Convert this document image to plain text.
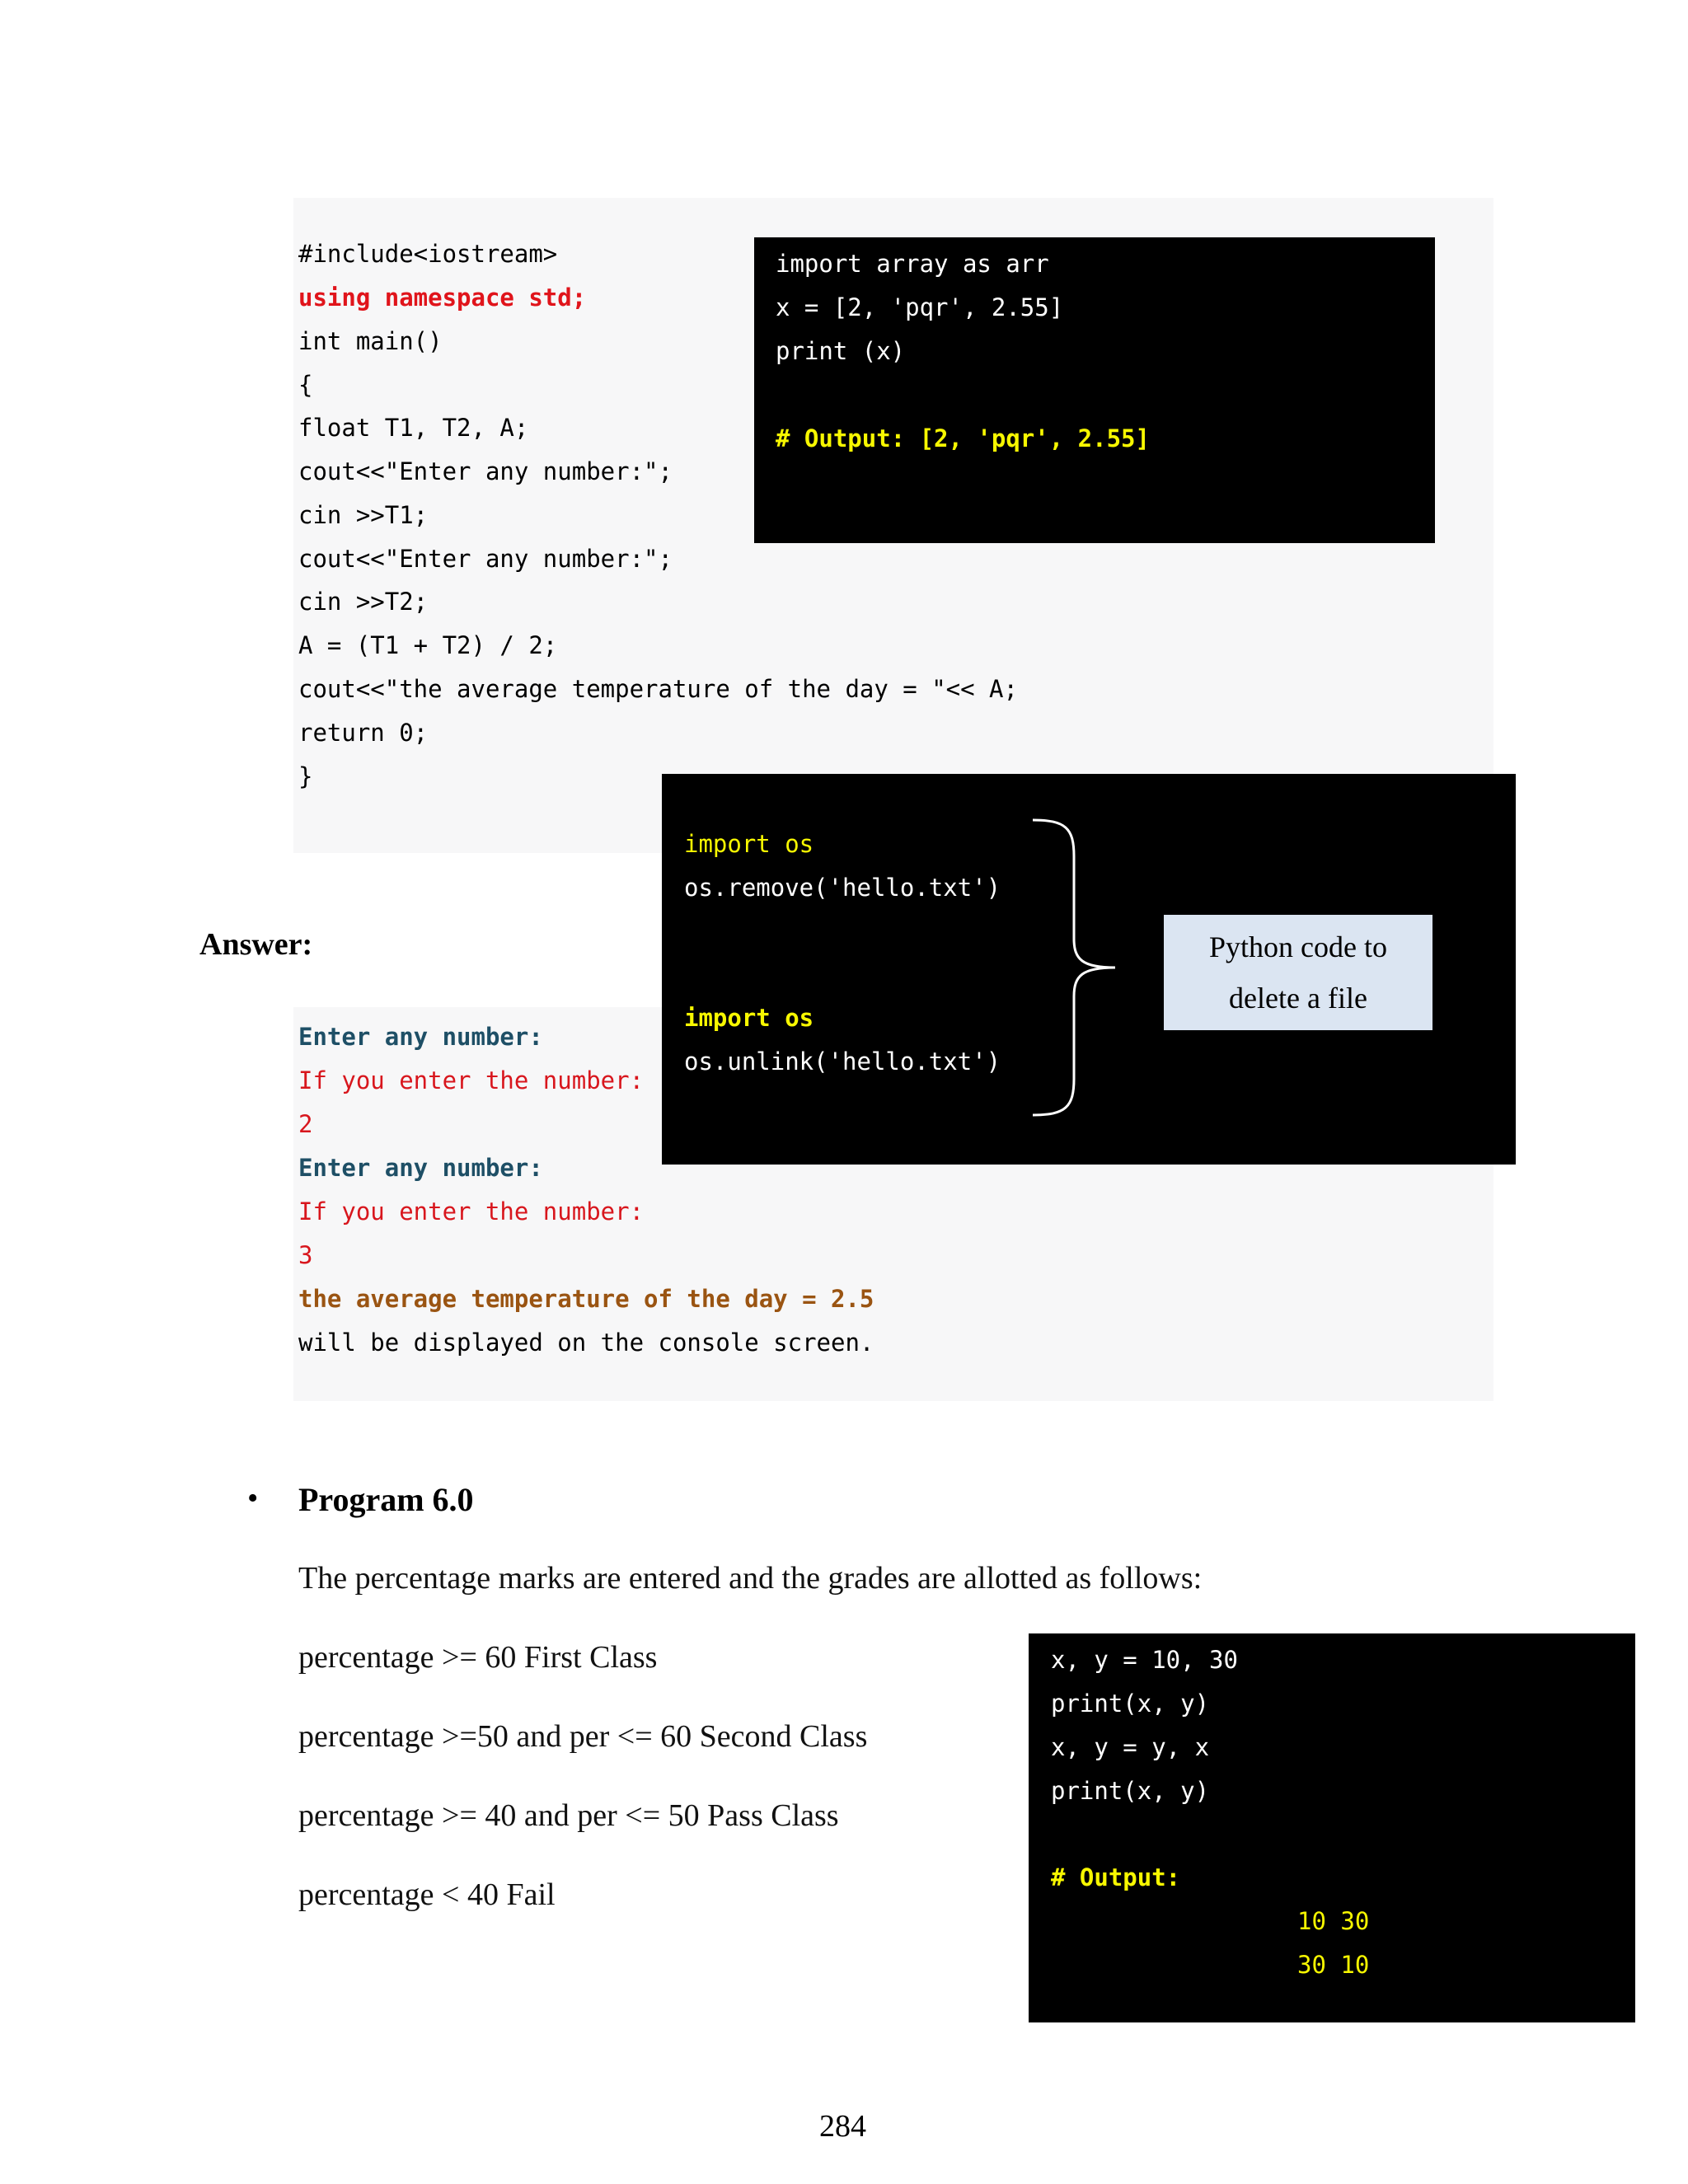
#include<iostream>
using namespace std;
int main()
{
float T1, T2, A;
cout<<"Enter any number:";
cin >>T1;
cout<<"Enter any number:";
cin >>T2;
A = (T1 + T2) / 2;
cout<<"the average temperature of the day = "<< A;
return 0;
}
import array as arr
x = [2, 'pqr', 2.55]
print (x)
# Output: [2, 'pqr', 2.55]
Answer:
Enter any number:
If you enter the number:
2
Enter any number:
If you enter the number:
3
the average temperature of the day = 2.5
will be displayed on the console screen.
import os
os.remove('hello.txt')
import os
os.unlink('hello.txt')
Python code to
delete a file
• Program 6.0
The percentage marks are entered and the grades are allotted as follows:
percentage >= 60 First Class
percentage >=50 and per <= 60 Second Class
percentage >= 40 and per <= 50 Pass Class
percentage < 40 Fail
x, y = 10, 30
print(x, y)
x, y = y, x
print(x, y)
# Output:
10 30
30 10
284
